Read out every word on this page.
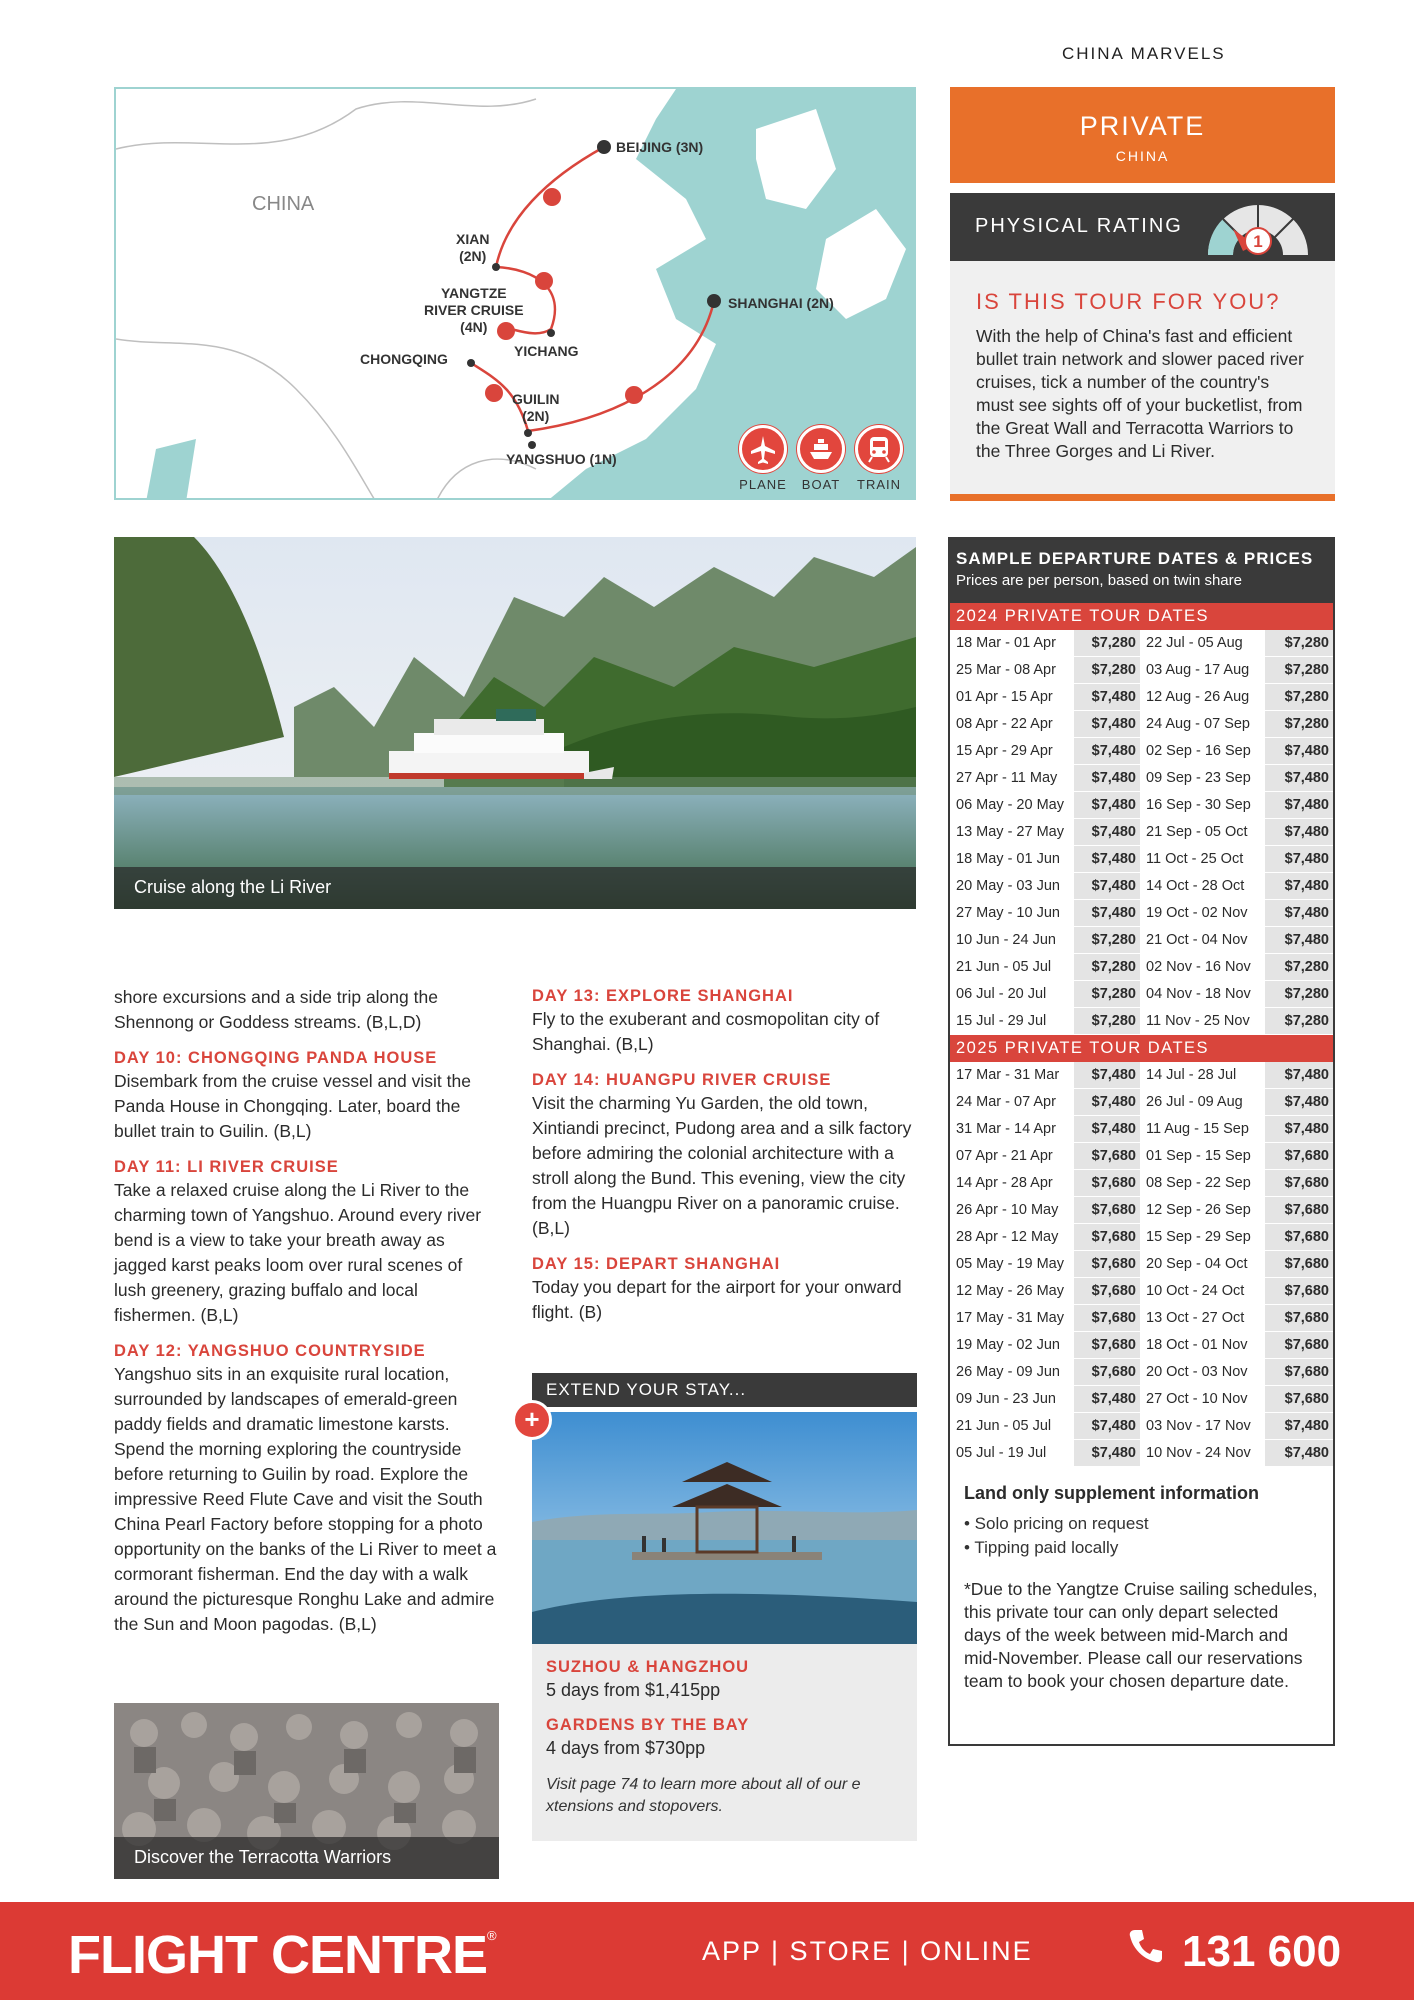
CHINA MARVELS
CHINA
BEIJING (3N)
XIAN
(2N)
YANGTZE
RIVER CRUISE
(4N)
YICHANG
CHONGQING
SHANGHAI (2N)
GUILIN
(2N)
YANGSHUO (1N)
PLANE	BOAT	TRAIN
PRIVATE
CHINA
PHYSICAL RATING
1
IS THIS TOUR FOR YOU?
With the help of China's fast and efficient bullet train network and slower paced river cruises, tick a number of the country's must see sights off of your bucketlist, from the Great Wall and Terracotta Warriors to the Three Gorges and Li River.
Cruise along the Li River
shore excursions and a side trip along the Shennong or Goddess streams. (B,L,D)
DAY 10: CHONGQING PANDA HOUSE
Disembark from the cruise vessel and visit the Panda House in Chongqing. Later, board the bullet train to Guilin. (B,L)
DAY 11: LI RIVER CRUISE
Take a relaxed cruise along the Li River to the charming town of Yangshuo. Around every river bend is a view to take your breath away as jagged karst peaks loom over rural scenes of lush greenery, grazing buffalo and local fishermen. (B,L)
DAY 12: YANGSHUO COUNTRYSIDE
Yangshuo sits in an exquisite rural location, surrounded by landscapes of emerald-green paddy fields and dramatic limestone karsts. Spend the morning exploring the countryside before returning to Guilin by road. Explore the impressive Reed Flute Cave and visit the South China Pearl Factory before stopping for a photo opportunity on the banks of the Li River to meet a cormorant fisherman. End the day with a walk around the picturesque Ronghu Lake and admire the Sun and Moon pagodas. (B,L)
DAY 13: EXPLORE SHANGHAI
Fly to the exuberant and cosmopolitan city of Shanghai. (B,L)
DAY 14: HUANGPU RIVER CRUISE
Visit the charming Yu Garden, the old town, Xintiandi precinct, Pudong area and a silk factory before admiring the colonial architecture with a stroll along the Bund. This evening, view the city from the Huangpu River on a panoramic cruise. (B,L)
DAY 15: DEPART SHANGHAI
Today you depart for the airport for your onward flight. (B)
Discover the Terracotta Warriors
EXTEND YOUR STAY...
+
SUZHOU & HANGZHOU
5 days from $1,415pp
GARDENS BY THE BAY
4 days from $730pp
Visit page 74 to learn more about all of our e xtensions and stopovers.
SAMPLE DEPARTURE DATES & PRICES
Prices are per person, based on twin share
2024 PRIVATE TOUR DATES
18 Mar - 01 Apr	$7,280 22 Jul - 05 Aug	$7,280
25 Mar - 08 Apr	$7,280 03 Aug - 17 Aug	$7,280
01 Apr - 15 Apr	$7,480 12 Aug - 26 Aug	$7,280
08 Apr - 22 Apr	$7,480 24 Aug - 07 Sep	$7,280
15 Apr - 29 Apr	$7,480 02 Sep - 16 Sep	$7,480
27 Apr - 11 May	$7,480 09 Sep - 23 Sep	$7,480
06 May - 20 May	$7,480 16 Sep - 30 Sep	$7,480
13 May - 27 May	$7,480 21 Sep - 05 Oct	$7,480
18 May - 01 Jun	$7,480 11 Oct - 25 Oct	$7,480
20 May - 03 Jun	$7,480 14 Oct - 28 Oct	$7,480
27 May - 10 Jun	$7,480 19 Oct - 02 Nov	$7,480
10 Jun - 24 Jun	$7,280 21 Oct - 04 Nov	$7,480
21 Jun - 05 Jul	$7,280 02 Nov - 16 Nov	$7,280
06 Jul - 20 Jul	$7,280 04 Nov - 18 Nov	$7,280
15 Jul - 29 Jul	$7,280 11 Nov - 25 Nov	$7,280
2025 PRIVATE TOUR DATES
17 Mar - 31 Mar	$7,480 14 Jul - 28 Jul	$7,480
24 Mar - 07 Apr	$7,480 26 Jul - 09 Aug	$7,480
31 Mar - 14 Apr	$7,480 11 Aug - 15 Sep	$7,480
07 Apr - 21 Apr	$7,680 01 Sep - 15 Sep	$7,680
14 Apr - 28 Apr	$7,680 08 Sep - 22 Sep	$7,680
26 Apr - 10 May	$7,680 12 Sep - 26 Sep	$7,680
28 Apr - 12 May	$7,680 15 Sep - 29 Sep	$7,680
05 May - 19 May	$7,680 20 Sep - 04 Oct	$7,680
12 May - 26 May	$7,680 10 Oct - 24 Oct	$7,680
17 May - 31 May	$7,680 13 Oct - 27 Oct	$7,680
19 May - 02 Jun	$7,680 18 Oct - 01 Nov	$7,680
26 May - 09 Jun	$7,680 20 Oct - 03 Nov	$7,680
09 Jun - 23 Jun	$7,480 27 Oct - 10 Nov	$7,680
21 Jun - 05 Jul	$7,480 03 Nov - 17 Nov	$7,480
05 Jul - 19 Jul	$7,480 10 Nov - 24 Nov	$7,480
Land only supplement information
• Solo pricing on request
• Tipping paid locally
*Due to the Yangtze Cruise sailing schedules, this private tour can only depart selected days of the week between mid-March and mid-November. Please call our reservations team to book your chosen departure date.
FLIGHT CENTRE®
APP | STORE | ONLINE	131 600
